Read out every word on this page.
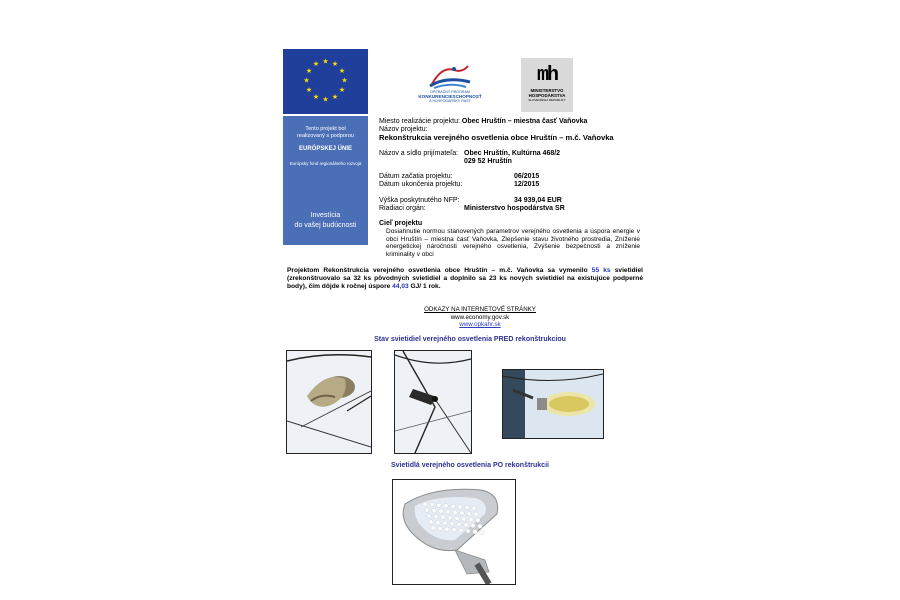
Tento projekt bol
realizovaný s podporou
EURÓPSKEJ ÚNIE
Európsky fond regionálneho rozvoja
Investícia
do vašej budúcnosti
★ ★
★
★
★
★
★
★
★
★
★
★
OPERAČNÝ PROGRAM
KONKURENCIESCHOPNOSŤ
A HOSPODÁRSKY RAST
mh
MINISTERSTVO
HOSPODÁRSTVA
SLOVENSKEJ REPUBLIKY
Miesto realizácie projektu: Obec Hruštín – miestna časť Vaňovka
Názov projektu:
Rekonštrukcia verejného osvetlenia obce Hruštín – m.č. Vaňovka
Názov a sídlo prijímateľa: Obec Hruštín, Kultúrna 468/2
029 52 Hruštín
Dátum začatia projektu:	06/2015
Dátum ukončenia projektu:	12/2015
Výška poskytnutého NFP:	34 939,04 EUR
Riadiaci orgán:	Ministerstvo hospodárstva SR
Cieľ projektu
Dosiahnutie normou stanovených parametrov verejného osvetlenia a úspora energie v obci Hruštín – miestna časť Vaňovka, Zlepšenie stavu životného prostredia, Zníženie energetickej náročnosti verejného osvetlenia, Zvýšenie bezpečnosti a zníženie kriminality v obci
Projektom Rekonštrukcia verejného osvetlenia obce Hruštín – m.č. Vaňovka sa vymenilo 55 ks svietidiel (zrekonštruovalo sa 32 ks pôvodných svietidiel a doplnilo sa 23 ks nových svietidiel na existujúce podperné body), čím dôjde k ročnej úspore 44,03 GJ/ 1 rok.
ODKAZY NA INTERNETOVÉ STRÁNKY
www.economy.gov.sk
www.opkahr.sk
Stav svietidiel verejného osvetlenia PRED rekonštrukciou
Svietidlá verejného osvetlenia PO rekonštrukcii
